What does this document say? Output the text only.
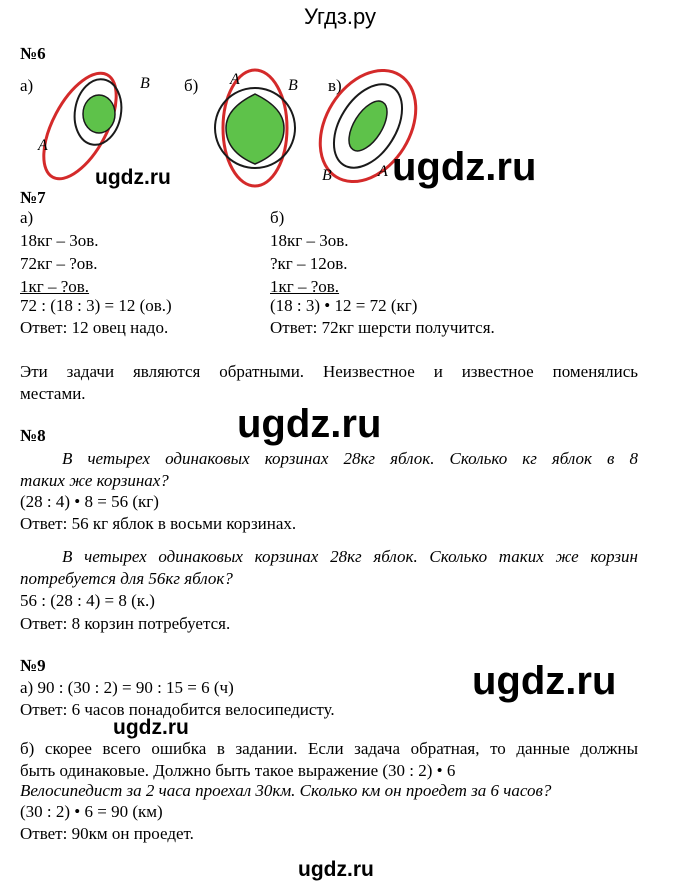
Угдз.ру
№6
а)	B
A
б) A	B в)
B	A
ugdz.ru	ugdz.ru
№7
а)
18кг – 3ов.
72кг – ?ов.
1кг – ?ов.
72 : (18 : 3) = 12 (ов.)
Ответ: 12 овец надо.
б)
18кг – 3ов.
?кг – 12ов.
1кг – ?ов.
(18 : 3) • 12 = 72 (кг)
Ответ: 72кг шерсти получится.
Эти задачи являются обратными. Неизвестное и известное поменялись
местами.
ugdz.ru
№8
В четырех одинаковых корзинах 28кг яблок. Сколько кг яблок в 8
таких же корзинах?
(28 : 4) • 8 = 56 (кг)
Ответ: 56 кг яблок в восьми корзинах.
В четырех одинаковых корзинах 28кг яблок. Сколько таких же корзин
потребуется для 56кг яблок?
56 : (28 : 4) = 8 (к.)
Ответ: 8 корзин потребуется.
№9
а) 90 : (30 : 2) = 90 : 15 = 6 (ч)
Ответ: 6 часов понадобится велосипедисту.
ugdz.ru
ugdz.ru
б) скорее всего ошибка в задании. Если задача обратная, то данные должны
быть одинаковые. Должно быть такое выражение (30 : 2) • 6
Велосипедист за 2 часа проехал 30км. Сколько км он проедет за 6 часов?
(30 : 2) • 6 = 90 (км)
Ответ: 90км он проедет.
ugdz.ru
